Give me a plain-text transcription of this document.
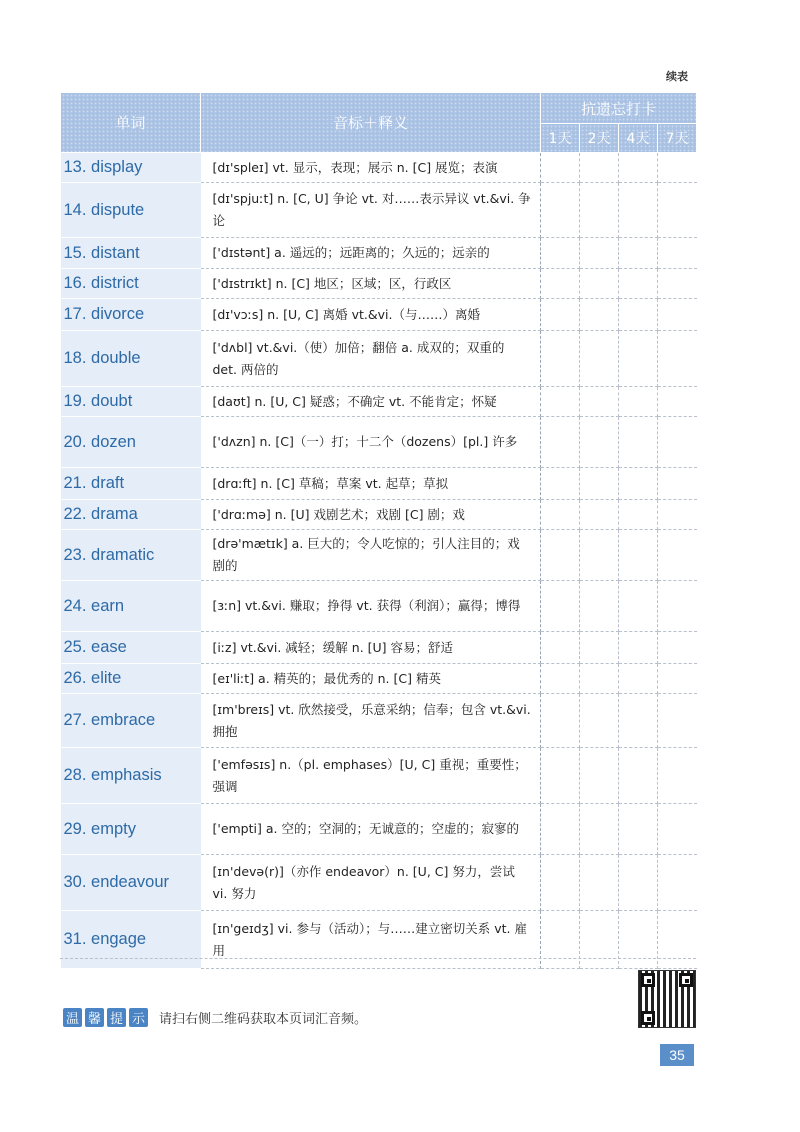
续表
单词	音标＋释义	抗遗忘打卡			
		1天	2天	4天	7天
13. display	[dɪ'spleɪ] vt. 显示，表现；展示 n. [C] 展览；表演				
14. dispute	[dɪ'spjuːt] n. [C, U] 争论 vt. 对……表示异议 vt.&vi. 争论				
15. distant	['dɪstənt] a. 遥远的；远距离的；久远的；远亲的				
16. district	['dɪstrɪkt] n. [C] 地区；区域；区，行政区				
17. divorce	[dɪ'vɔːs] n. [U, C] 离婚 vt.&vi.（与……）离婚				
18. double	['dʌbl] vt.&vi.（使）加倍；翻倍 a. 成双的；双重的 det. 两倍的				
19. doubt	[daʊt] n. [U, C] 疑惑；不确定 vt. 不能肯定；怀疑				
20. dozen	['dʌzn] n. [C]（一）打；十二个（dozens）[pl.] 许多				
21. draft	[drɑːft] n. [C] 草稿；草案 vt. 起草；草拟				
22. drama	['drɑːmə] n. [U] 戏剧艺术；戏剧 [C] 剧；戏				
23. dramatic	[drə'mætɪk] a. 巨大的；令人吃惊的；引人注目的；戏剧的				
24. earn	[ɜːn] vt.&vi. 赚取；挣得 vt. 获得（利润）；赢得；博得				
25. ease	[iːz] vt.&vi. 减轻；缓解 n. [U] 容易；舒适				
26. elite	[eɪ'liːt] a. 精英的；最优秀的 n. [C] 精英				
27. embrace	[ɪm'breɪs] vt. 欣然接受，乐意采纳；信奉；包含 vt.&vi. 拥抱				
28. emphasis	['emfəsɪs] n.（pl. emphases）[U, C] 重视；重要性；强调				
29. empty	['empti] a. 空的；空洞的；无诚意的；空虚的；寂寥的				
30. endeavour	[ɪn'devə(r)]（亦作 endeavor）n. [U, C] 努力，尝试 vi. 努力				
31. engage	[ɪn'geɪdʒ] vi. 参与（活动）；与……建立密切关系 vt. 雇用				
温 馨 提 示 请扫右侧二维码获取本页词汇音频。
35
